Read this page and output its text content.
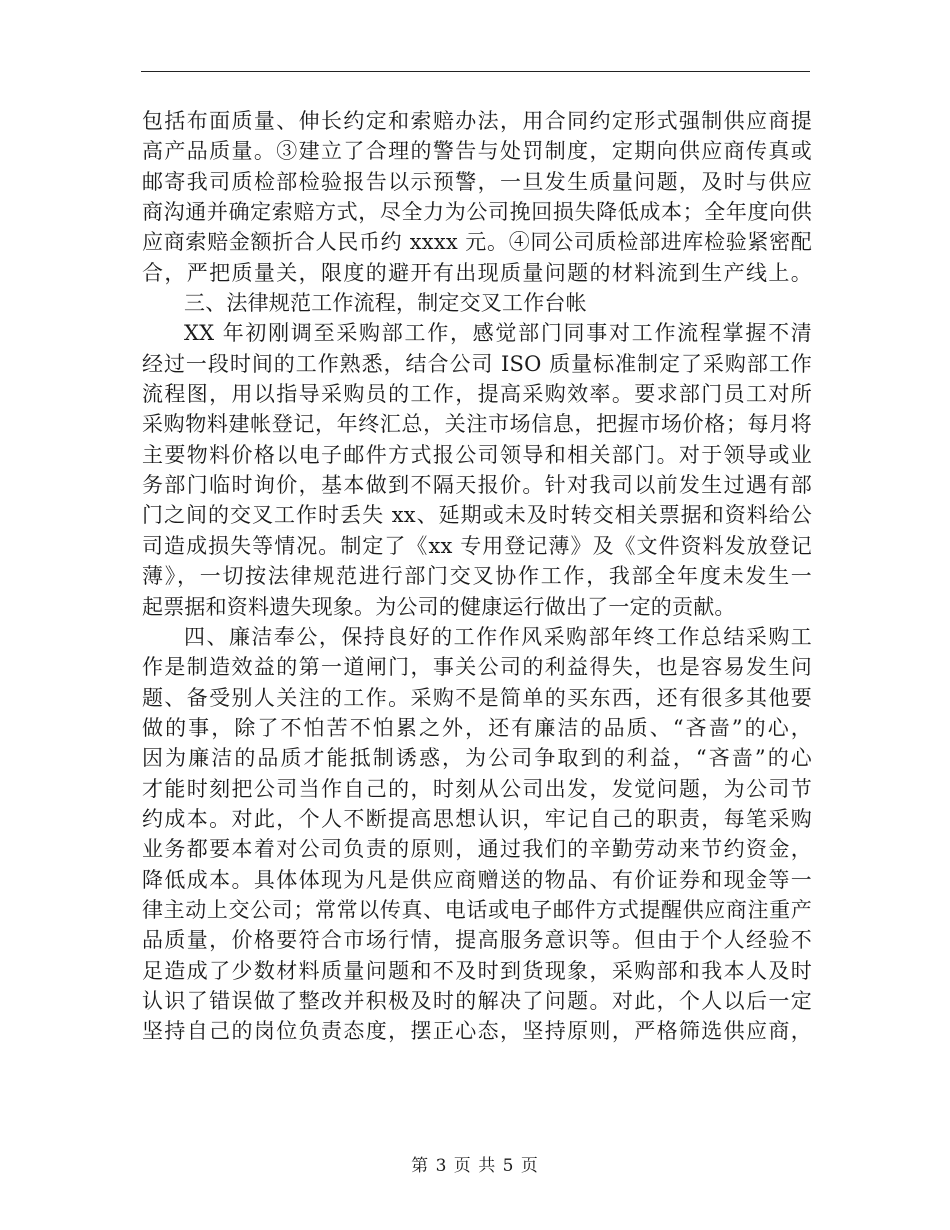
包括布面质量、伸长约定和索赔办法，用合同约定形式强制供应商提
高产品质量。③建立了合理的警告与处罚制度，定期向供应商传真或
邮寄我司质检部检验报告以示预警，一旦发生质量问题，及时与供应
商沟通并确定索赔方式，尽全力为公司挽回损失降低成本；全年度向供
应商索赔金额折合人民币约 xxxx 元。④同公司质检部进库检验紧密配
合，严把质量关，限度的避开有出现质量问题的材料流到生产线上。
三、法律规范工作流程，制定交叉工作台帐
XX 年初刚调至采购部工作，感觉部门同事对工作流程掌握不清
经过一段时间的工作熟悉，结合公司 ISO 质量标准制定了采购部工作
流程图，用以指导采购员的工作，提高采购效率。要求部门员工对所
采购物料建帐登记，年终汇总，关注市场信息，把握市场价格；每月将
主要物料价格以电子邮件方式报公司领导和相关部门。对于领导或业
务部门临时询价，基本做到不隔天报价。针对我司以前发生过遇有部
门之间的交叉工作时丢失 xx、延期或未及时转交相关票据和资料给公
司造成损失等情况。制定了《xx 专用登记薄》及《文件资料发放登记
薄》，一切按法律规范进行部门交叉协作工作，我部全年度未发生一
起票据和资料遗失现象。为公司的健康运行做出了一定的贡献。
四、廉洁奉公，保持良好的工作作风采购部年终工作总结采购工
作是制造效益的第一道闸门，事关公司的利益得失，也是容易发生问
题、备受别人关注的工作。采购不是简单的买东西，还有很多其他要
做的事，除了不怕苦不怕累之外，还有廉洁的品质、“吝啬”的心，
因为廉洁的品质才能抵制诱惑，为公司争取到的利益，“吝啬”的心
才能时刻把公司当作自己的，时刻从公司出发，发觉问题，为公司节
约成本。对此，个人不断提高思想认识，牢记自己的职责，每笔采购
业务都要本着对公司负责的原则，通过我们的辛勤劳动来节约资金，
降低成本。具体体现为凡是供应商赠送的物品、有价证券和现金等一
律主动上交公司；常常以传真、电话或电子邮件方式提醒供应商注重产
品质量，价格要符合市场行情，提高服务意识等。但由于个人经验不
足造成了少数材料质量问题和不及时到货现象，采购部和我本人及时
认识了错误做了整改并积极及时的解决了问题。对此，个人以后一定
坚持自己的岗位负责态度，摆正心态，坚持原则，严格筛选供应商，
第 3 页 共 5 页
